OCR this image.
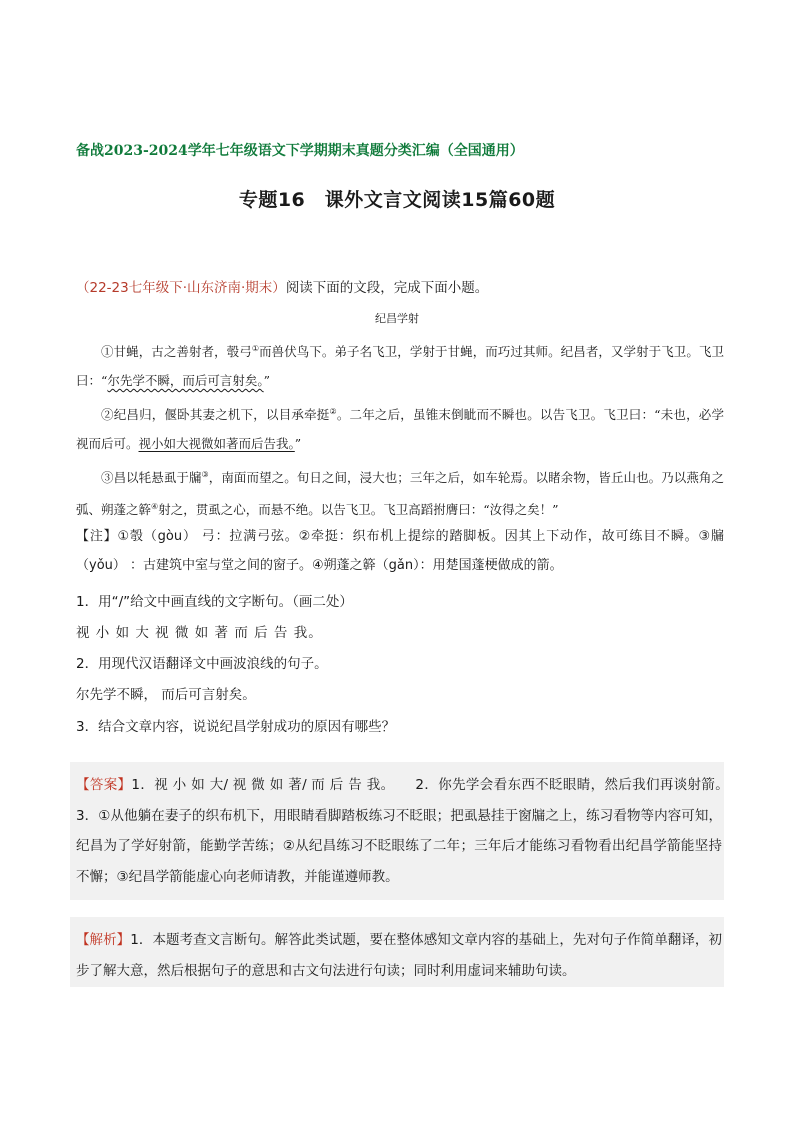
备战2023-2024学年七年级语文下学期期末真题分类汇编（全国通用）
专题16　课外文言文阅读15篇60题
（22-23七年级下·山东济南·期末）阅读下面的文段，完成下面小题。
纪昌学射
①甘蝇，古之善射者，彀弓①而兽伏鸟下。弟子名飞卫，学射于甘蝇，而巧过其师。纪昌者，又学射于飞卫。飞卫曰：“尔先学不瞬，而后可言射矣。”
②纪昌归，偃卧其妻之机下，以目承牵挺②。二年之后，虽锥末倒眦而不瞬也。以告飞卫。飞卫曰：“未也，必学视而后可。视小如大视微如著而后告我。”
③昌以牦悬虱于牖③，南面而望之。旬日之间，浸大也；三年之后，如车轮焉。以睹余物，皆丘山也。乃以燕角之弧、朔蓬之簳④射之，贯虱之心，而悬不绝。以告飞卫。飞卫高蹈拊膺曰：“汝得之矣！”
【注】①彀（gòu） 弓：拉满弓弦。②牵挺：织布机上提综的踏脚板。因其上下动作，故可练目不瞬。③牖（yǒu） ：古建筑中室与堂之间的窗子。④朔蓬之簳（gǎn）：用楚国蓬梗做成的箭。
1．用“/”给文中画直线的文字断句。（画二处）
视 小 如 大 视 微 如 著 而 后 告 我。
2．用现代汉语翻译文中画波浪线的句子。
尔先学不瞬， 而后可言射矣。
3．结合文章内容，说说纪昌学射成功的原因有哪些？
【答案】1．视 小 如 大/ 视 微 如 著/ 而 后 告 我。　　2．你先学会看东西不眨眼睛，然后我们再谈射箭。　 3．①从他躺在妻子的织布机下，用眼睛看脚踏板练习不眨眼；把虱悬挂于窗牖之上，练习看物等内容可知，纪昌为了学好射箭，能勤学苦练；②从纪昌练习不眨眼练了二年；三年后才能练习看物看出纪昌学箭能坚持不懈；③纪昌学箭能虚心向老师请教，并能谨遵师教。
【解析】1．本题考查文言断句。解答此类试题，要在整体感知文章内容的基础上，先对句子作简单翻译，初步了解大意，然后根据句子的意思和古文句法进行句读；同时利用虚词来辅助句读。
